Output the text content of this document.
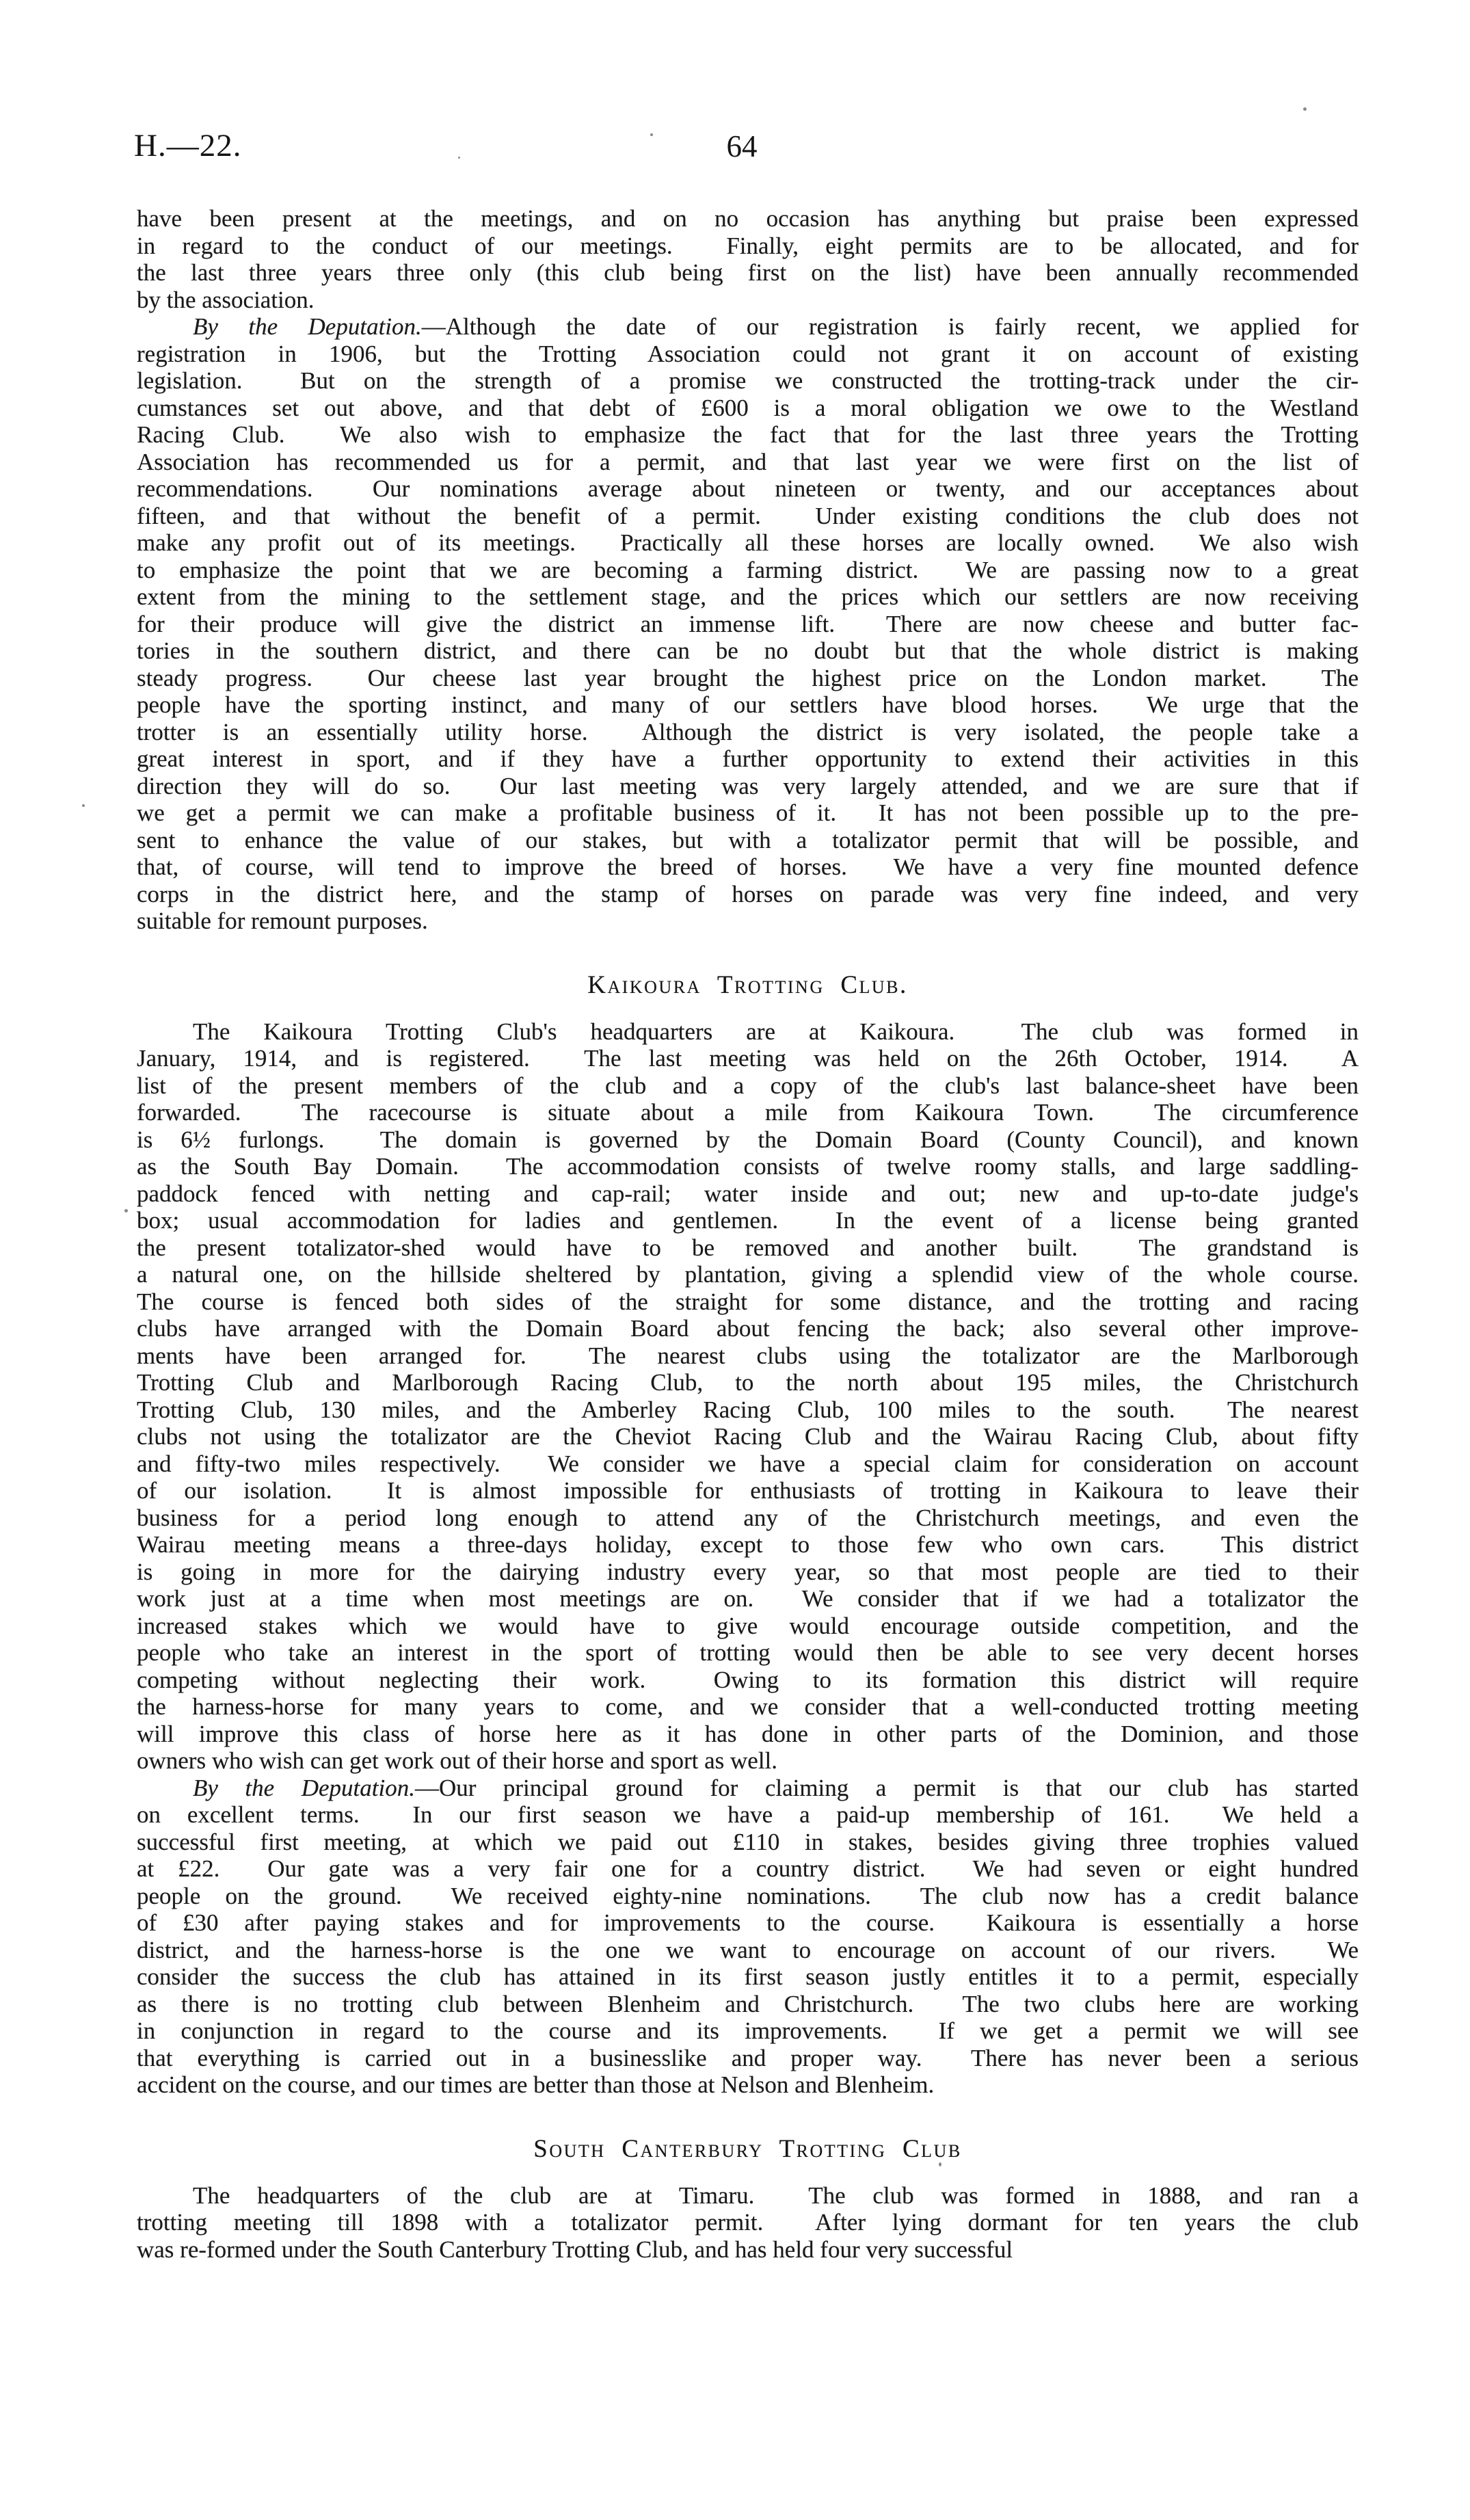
H.—22.	64
have been present at the meetings, and on no occasion has anything but praise been expressed
in regard to the conduct of our meetings.  Finally, eight permits are to be allocated, and for
the last three years three only (this club being first on the list) have been annually recommended
by the association.
By the Deputation.—Although the date of our registration is fairly recent, we applied for
registration in 1906, but the Trotting Association could not grant it on account of existing
legislation.  But on the strength of a promise we constructed the trotting-track under the cir-
cumstances set out above, and that debt of £600 is a moral obligation we owe to the Westland
Racing Club.  We also wish to emphasize the fact that for the last three years the Trotting
Association has recommended us for a permit, and that last year we were first on the list of
recommendations.  Our nominations average about nineteen or twenty, and our acceptances about
fifteen, and that without the benefit of a permit.  Under existing conditions the club does not
make any profit out of its meetings.  Practically all these horses are locally owned.  We also wish
to emphasize the point that we are becoming a farming district.  We are passing now to a great
extent from the mining to the settlement stage, and the prices which our settlers are now receiving
for their produce will give the district an immense lift.  There are now cheese and butter fac-
tories in the southern district, and there can be no doubt but that the whole district is making
steady progress.  Our cheese last year brought the highest price on the London market.  The
people have the sporting instinct, and many of our settlers have blood horses.  We urge that the
trotter is an essentially utility horse.  Although the district is very isolated, the people take a
great interest in sport, and if they have a further opportunity to extend their activities in this
direction they will do so.  Our last meeting was very largely attended, and we are sure that if
we get a permit we can make a profitable business of it.  It has not been possible up to the pre-
sent to enhance the value of our stakes, but with a totalizator permit that will be possible, and
that, of course, will tend to improve the breed of horses.  We have a very fine mounted defence
corps in the district here, and the stamp of horses on parade was very fine indeed, and very
suitable for remount purposes.
Kaikoura Trotting Club.
The Kaikoura Trotting Club's headquarters are at Kaikoura.  The club was formed in
January, 1914, and is registered.  The last meeting was held on the 26th October, 1914.  A
list of the present members of the club and a copy of the club's last balance-sheet have been
forwarded.  The racecourse is situate about a mile from Kaikoura Town.  The circumference
is 6½ furlongs.  The domain is governed by the Domain Board (County Council), and known
as the South Bay Domain.  The accommodation consists of twelve roomy stalls, and large saddling-
paddock fenced with netting and cap-rail; water inside and out; new and up-to-date judge's
box; usual accommodation for ladies and gentlemen.  In the event of a license being granted
the present totalizator-shed would have to be removed and another built.  The grandstand is
a natural one, on the hillside sheltered by plantation, giving a splendid view of the whole course.
The course is fenced both sides of the straight for some distance, and the trotting and racing
clubs have arranged with the Domain Board about fencing the back; also several other improve-
ments have been arranged for.  The nearest clubs using the totalizator are the Marlborough
Trotting Club and Marlborough Racing Club, to the north about 195 miles, the Christchurch
Trotting Club, 130 miles, and the Amberley Racing Club, 100 miles to the south.  The nearest
clubs not using the totalizator are the Cheviot Racing Club and the Wairau Racing Club, about fifty
and fifty-two miles respectively.  We consider we have a special claim for consideration on account
of our isolation.  It is almost impossible for enthusiasts of trotting in Kaikoura to leave their
business for a period long enough to attend any of the Christchurch meetings, and even the
Wairau meeting means a three-days holiday, except to those few who own cars.  This district
is going in more for the dairying industry every year, so that most people are tied to their
work just at a time when most meetings are on.  We consider that if we had a totalizator the
increased stakes which we would have to give would encourage outside competition, and the
people who take an interest in the sport of trotting would then be able to see very decent horses
competing without neglecting their work.  Owing to its formation this district will require
the harness-horse for many years to come, and we consider that a well-conducted trotting meeting
will improve this class of horse here as it has done in other parts of the Dominion, and those
owners who wish can get work out of their horse and sport as well.
By the Deputation.—Our principal ground for claiming a permit is that our club has started
on excellent terms.  In our first season we have a paid-up membership of 161.  We held a
successful first meeting, at which we paid out £110 in stakes, besides giving three trophies valued
at £22.  Our gate was a very fair one for a country district.  We had seven or eight hundred
people on the ground.  We received eighty-nine nominations.  The club now has a credit balance
of £30 after paying stakes and for improvements to the course.  Kaikoura is essentially a horse
district, and the harness-horse is the one we want to encourage on account of our rivers.  We
consider the success the club has attained in its first season justly entitles it to a permit, especially
as there is no trotting club between Blenheim and Christchurch.  The two clubs here are working
in conjunction in regard to the course and its improvements.  If we get a permit we will see
that everything is carried out in a businesslike and proper way.  There has never been a serious
accident on the course, and our times are better than those at Nelson and Blenheim.
South Canterbury Trotting Club
The headquarters of the club are at Timaru.  The club was formed in 1888, and ran a
trotting meeting till 1898 with a totalizator permit.  After lying dormant for ten years the club
was re-formed under the South Canterbury Trotting Club, and has held four very successful
